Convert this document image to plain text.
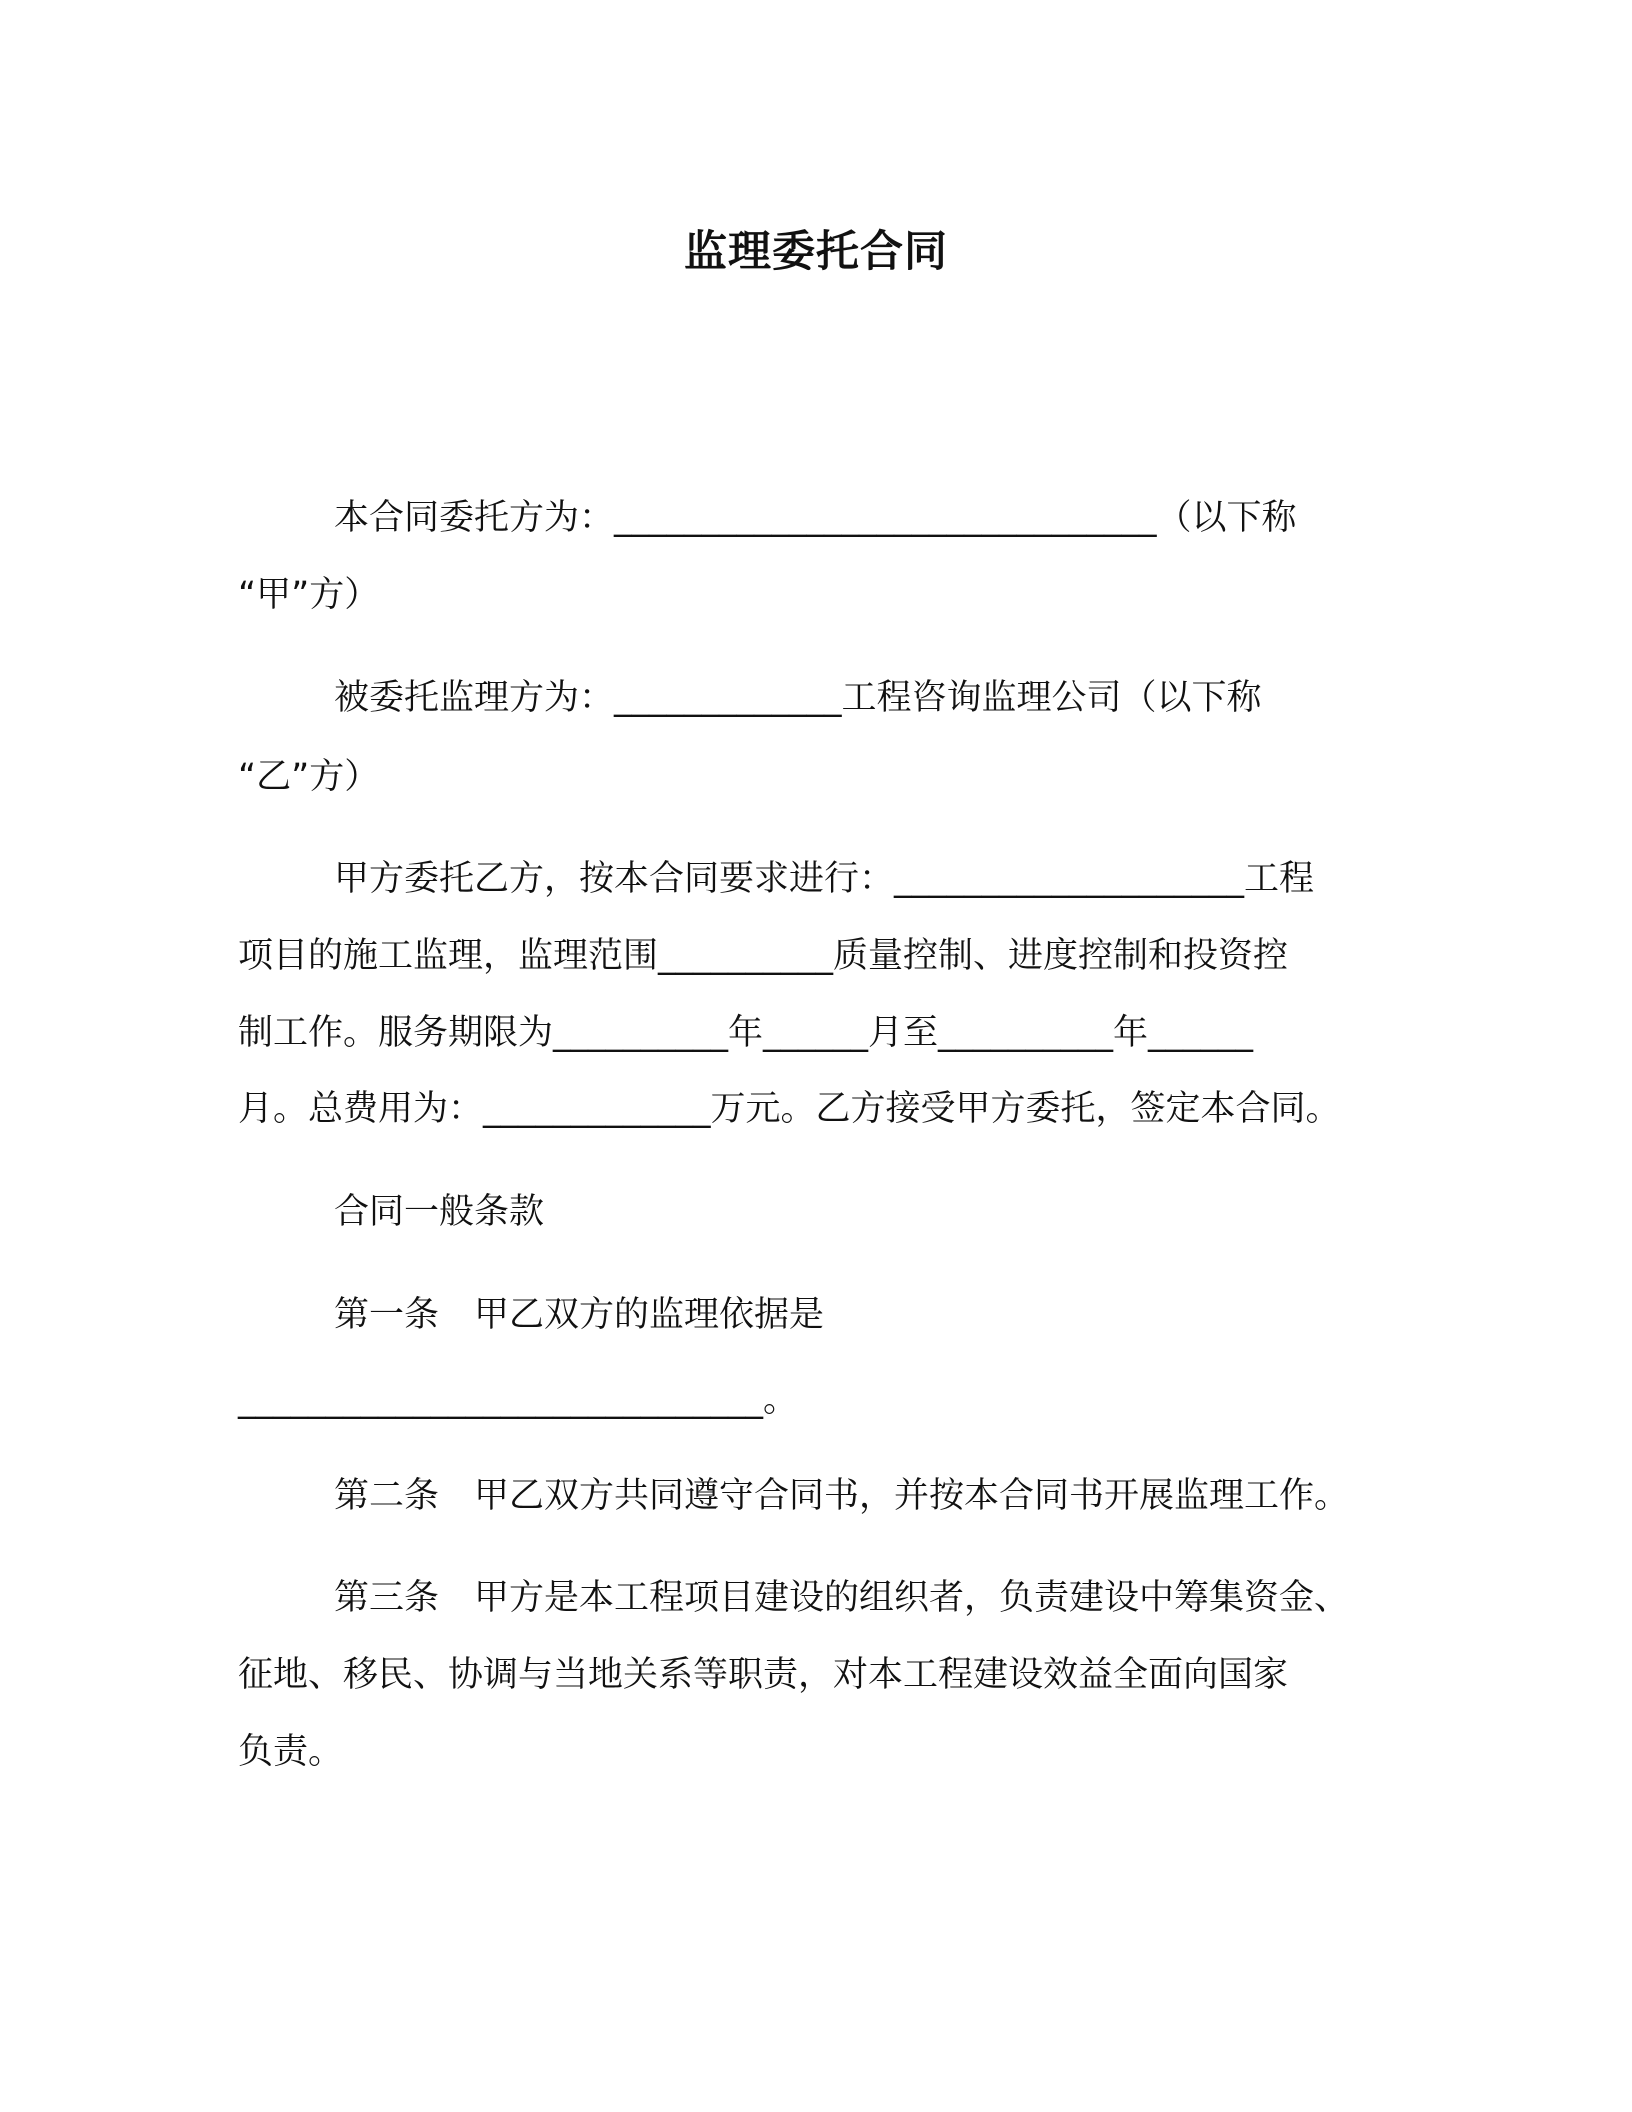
监理委托合同
本合同委托方为：_______________________________（以下称
“甲”方）
被委托监理方为：_____________工程咨询监理公司（以下称
“乙”方）
甲方委托乙方，按本合同要求进行：____________________工程
项目的施工监理，监理范围__________质量控制、进度控制和投资控
制工作。服务期限为__________年______月至__________年______
月。总费用为：_____________万元。乙方接受甲方委托，签定本合同。
合同一般条款
第一条　甲乙双方的监理依据是
______________________________。
第二条　甲乙双方共同遵守合同书，并按本合同书开展监理工作。
第三条　甲方是本工程项目建设的组织者，负责建设中筹集资金、
征地、移民、协调与当地关系等职责，对本工程建设效益全面向国家
负责。
